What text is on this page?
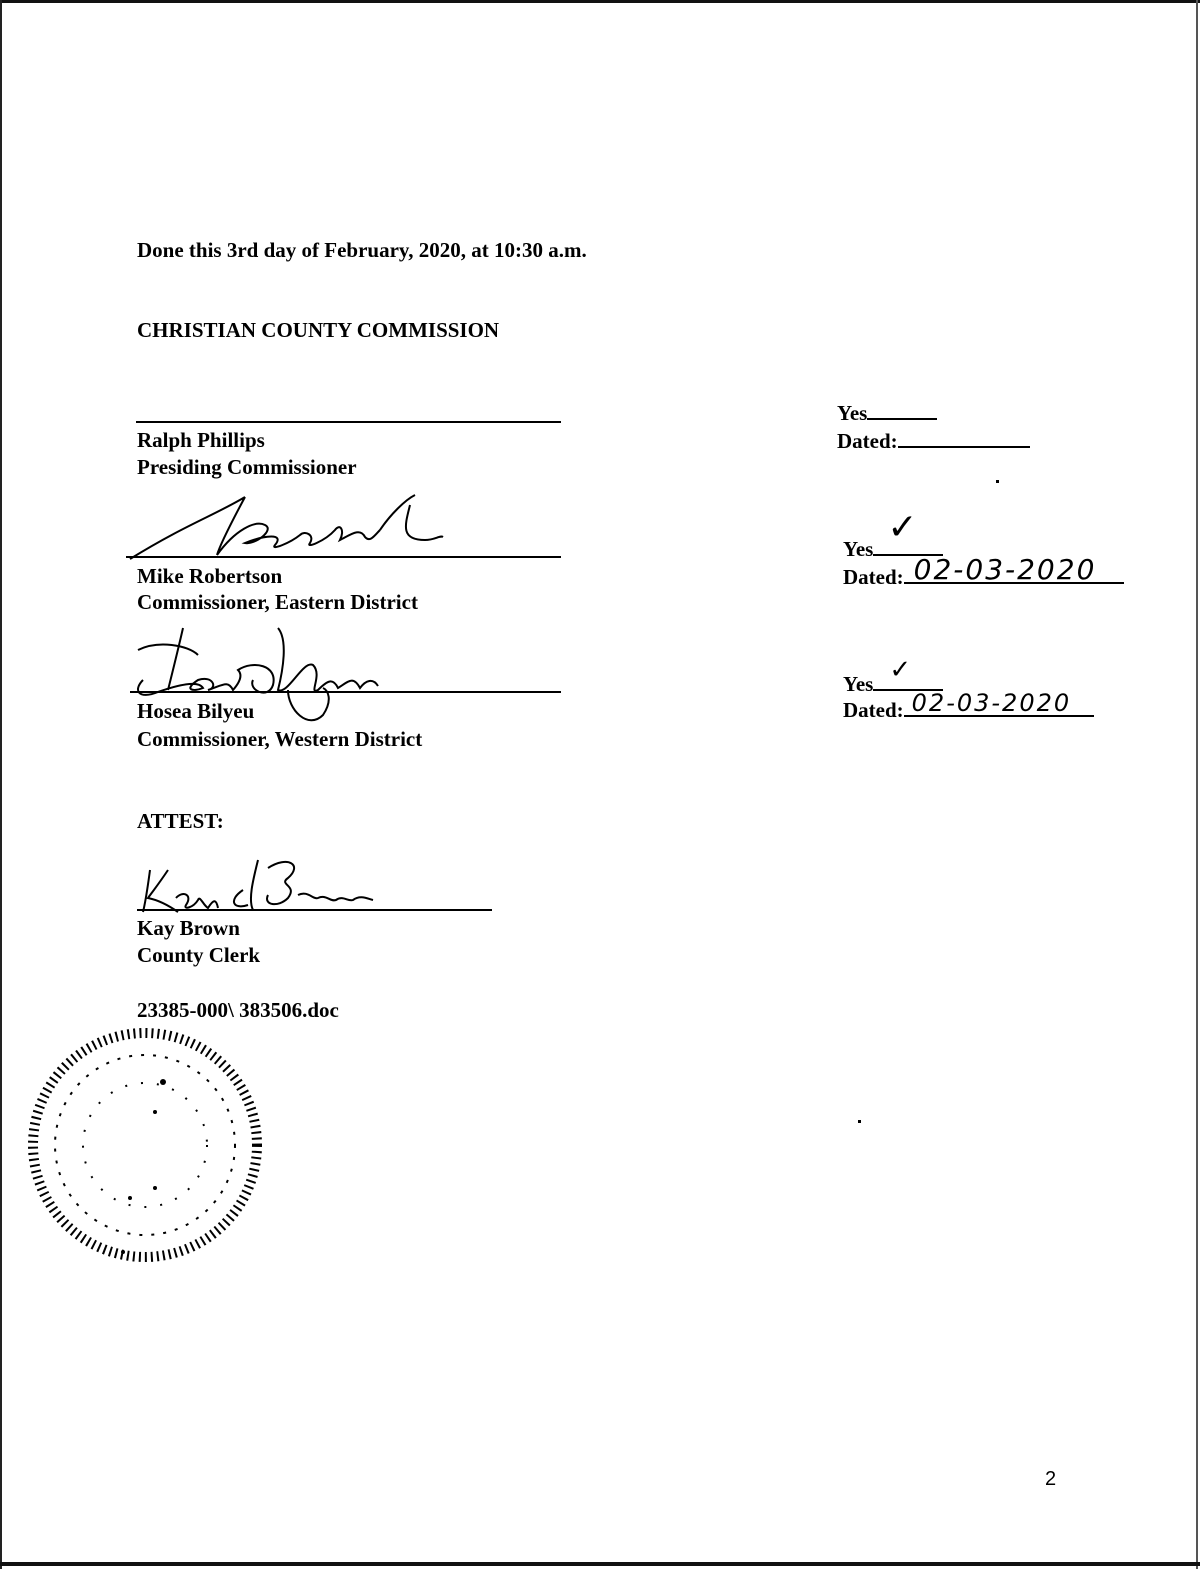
Done this 3rd day of February, 2020, at 10:30 a.m.
CHRISTIAN COUNTY COMMISSION
Ralph Phillips
Presiding Commissioner
Yes
Dated:
Mike Robertson
Commissioner, Eastern District
Yes
✓
Dated: 02-03-2020
Hosea Bilyeu
Commissioner, Western District
Yes ✓
Dated: 02-03-2020
ATTEST:
Kay Brown
County Clerk
23385-000\ 383506.doc
2
